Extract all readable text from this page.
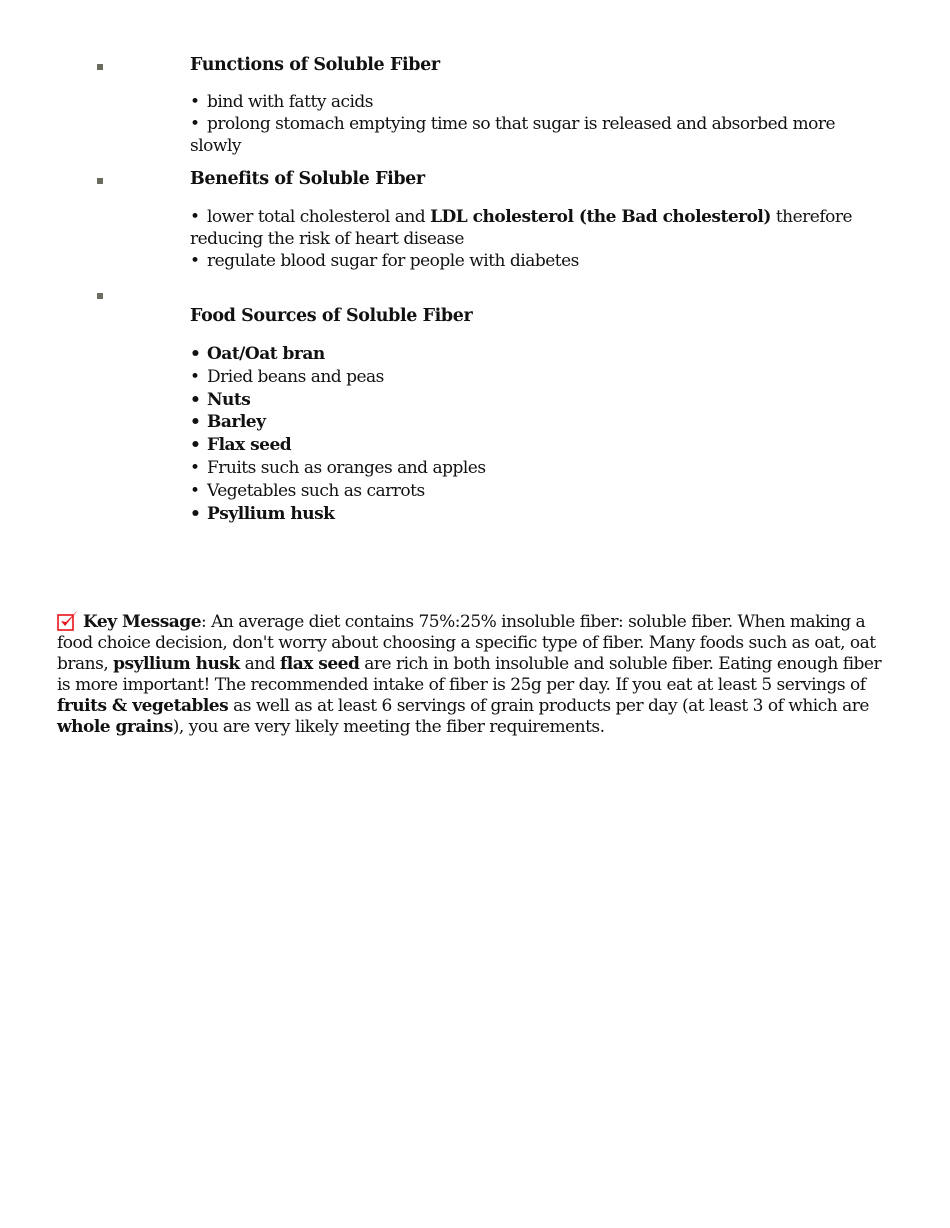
Functions of Soluble Fiber
• bind with fatty acids
• prolong stomach emptying time so that sugar is released and absorbed more slowly
Benefits of Soluble Fiber
• lower total cholesterol and LDL cholesterol (the Bad cholesterol) therefore reducing the risk of heart disease
• regulate blood sugar for people with diabetes
Food Sources of Soluble Fiber
• Oat/Oat bran
• Dried beans and peas
• Nuts
• Barley
• Flax seed
• Fruits such as oranges and apples
• Vegetables such as carrots
• Psyllium husk
Key Message: An average diet contains 75%:25% insoluble fiber: soluble fiber. When making a food choice decision, don't worry about choosing a specific type of fiber. Many foods such as oat, oat brans, psyllium husk and flax seed are rich in both insoluble and soluble fiber. Eating enough fiber is more important! The recommended intake of fiber is 25g per day. If you eat at least 5 servings of fruits & vegetables as well as at least 6 servings of grain products per day (at least 3 of which are whole grains), you are very likely meeting the fiber requirements.
